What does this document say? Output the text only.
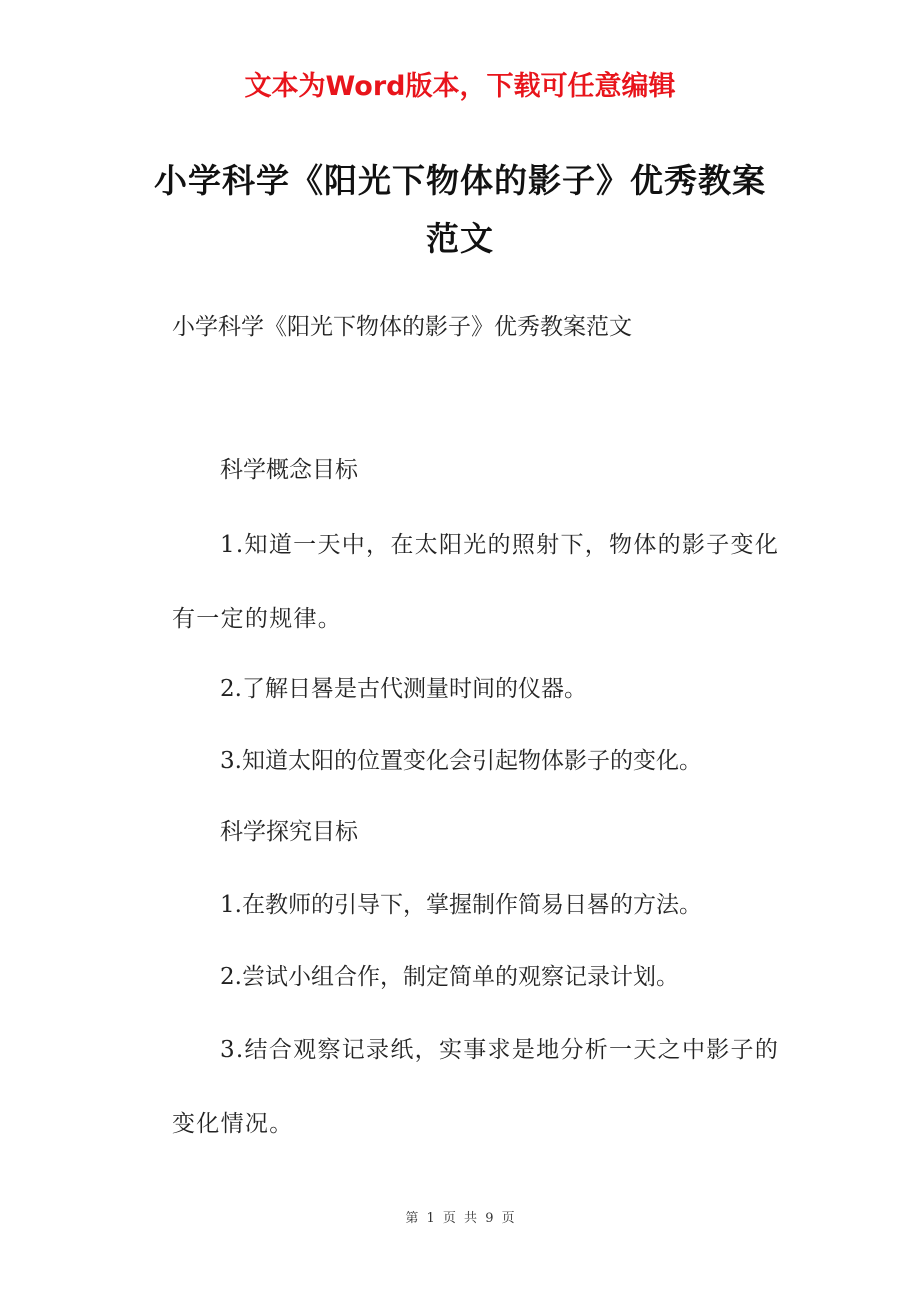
文本为Word版本，下载可任意编辑
小学科学《阳光下物体的影子》优秀教案范文
小学科学《阳光下物体的影子》优秀教案范文
科学概念目标
1.知道一天中，在太阳光的照射下，物体的影子变化有一定的规律。
2.了解日晷是古代测量时间的仪器。
3.知道太阳的位置变化会引起物体影子的变化。
科学探究目标
1.在教师的引导下，掌握制作简易日晷的方法。
2.尝试小组合作，制定简单的观察记录计划。
3.结合观察记录纸，实事求是地分析一天之中影子的变化情况。
第 1 页 共 9 页
